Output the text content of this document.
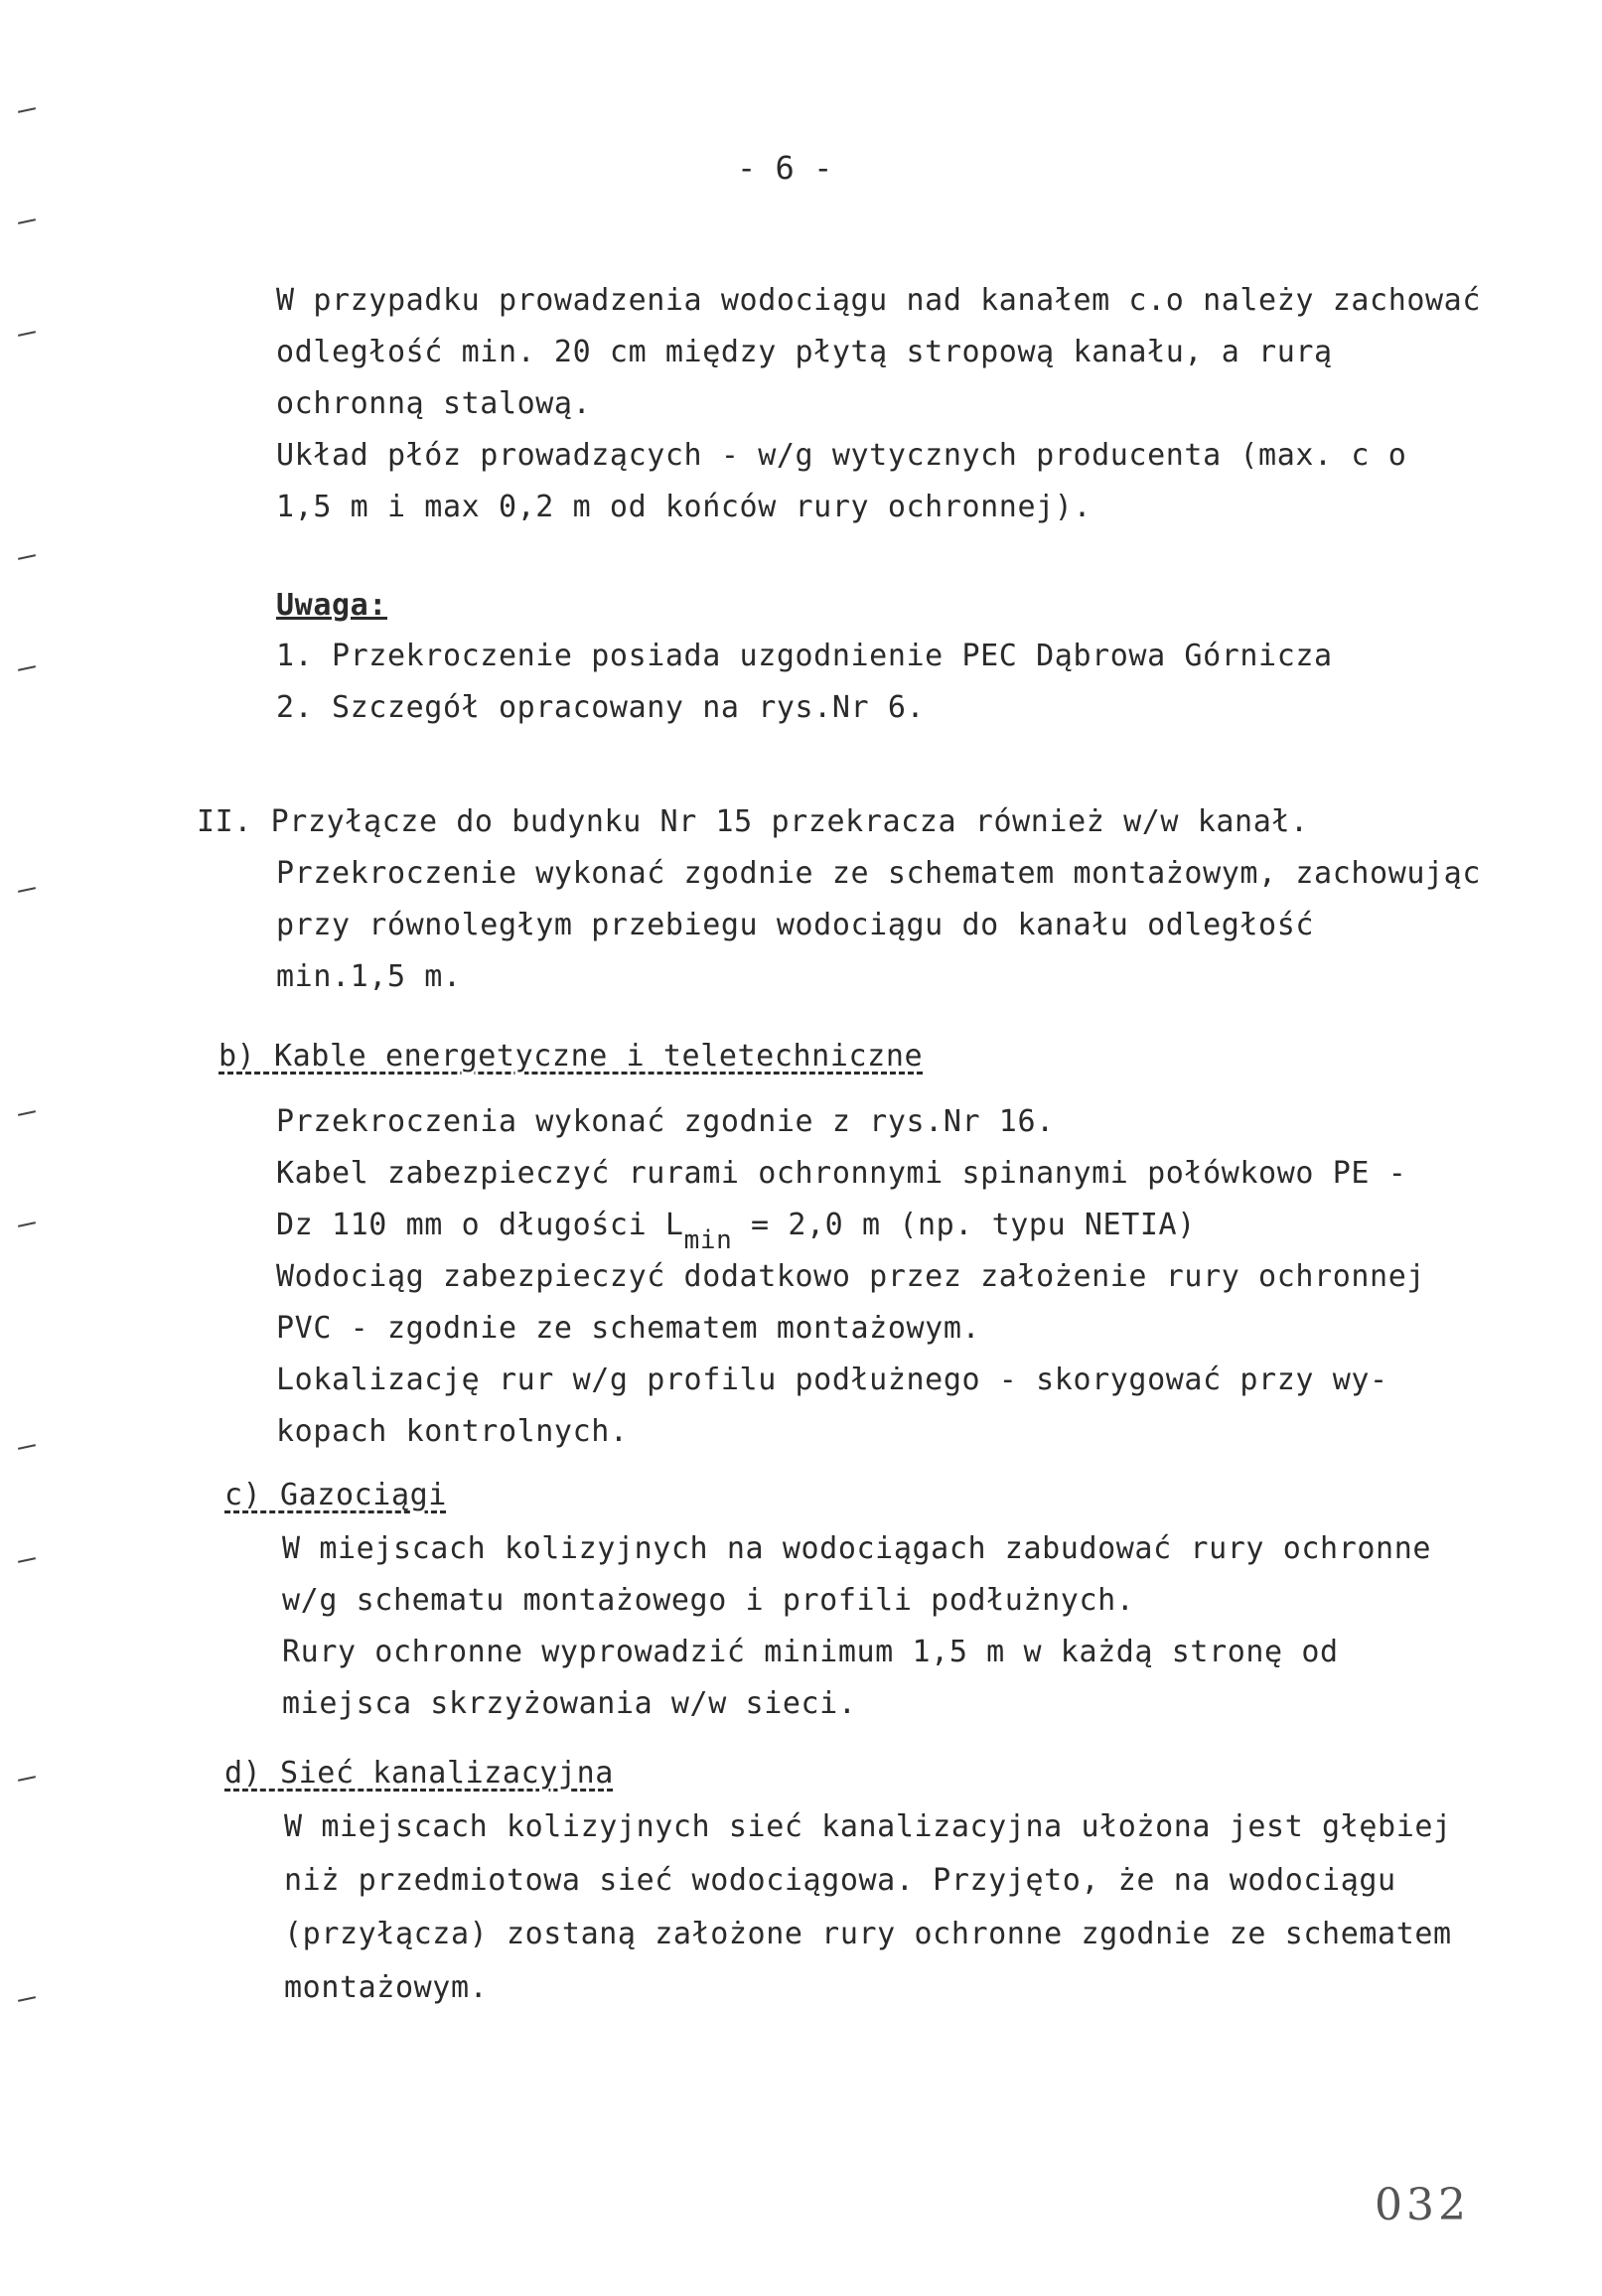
- 6 -
W przypadku prowadzenia wodociągu nad kanałem c.o należy zachować
odległość min. 20 cm między płytą stropową kanału, a rurą
ochronną stalową.
Układ płóz prowadzących - w/g wytycznych producenta (max. c o
1,5 m i max 0,2 m od końców rury ochronnej).
Uwaga:
1. Przekroczenie posiada uzgodnienie PEC Dąbrowa Górnicza
2. Szczegół opracowany na rys.Nr 6.
II. Przyłącze do budynku Nr 15 przekracza również w/w kanał.
Przekroczenie wykonać zgodnie ze schematem montażowym, zachowując
przy równoległym przebiegu wodociągu do kanału odległość
min.1,5 m.
b) Kable energetyczne i teletechniczne
Przekroczenia wykonać zgodnie z rys.Nr 16.
Kabel zabezpieczyć rurami ochronnymi spinanymi połówkowo PE -
Dz 110 mm o długości Lmin = 2,0 m (np. typu NETIA)
Wodociąg zabezpieczyć dodatkowo przez założenie rury ochronnej
PVC - zgodnie ze schematem montażowym.
Lokalizację rur w/g profilu podłużnego - skorygować przy wy-
kopach kontrolnych.
c) Gazociągi
W miejscach kolizyjnych na wodociągach zabudować rury ochronne
w/g schematu montażowego i profili podłużnych.
Rury ochronne wyprowadzić minimum 1,5 m w każdą stronę od
miejsca skrzyżowania w/w sieci.
d) Sieć kanalizacyjna
W miejscach kolizyjnych sieć kanalizacyjna ułożona jest głębiej
niż przedmiotowa sieć wodociągowa. Przyjęto, że na wodociągu
(przyłącza) zostaną założone rury ochronne zgodnie ze schematem
montażowym.
032
